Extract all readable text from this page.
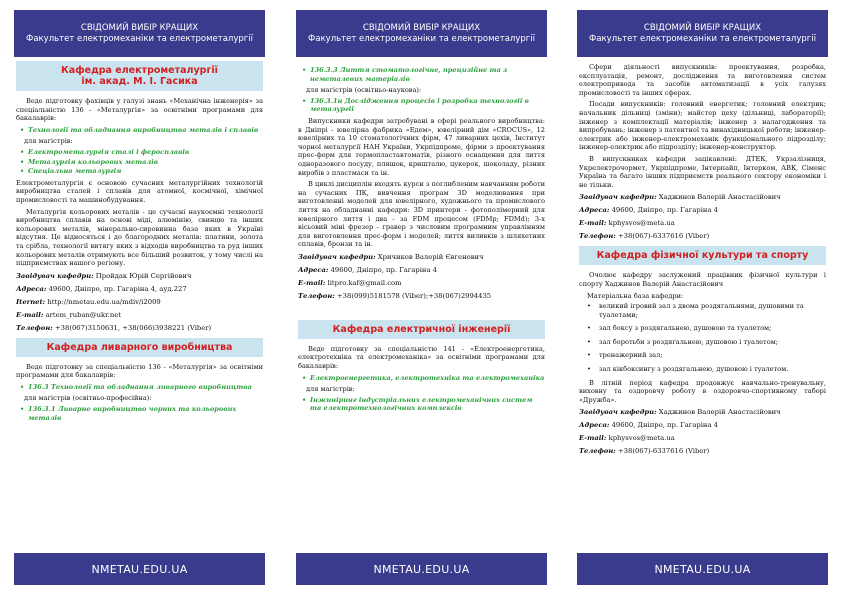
СВІДОМИЙ ВИБІР КРАЩИХ
Факультет електромеханіки та електрометалургії
Кафедра електрометалургії
ім. акад. М. І. Гасика

Веде підготовку фахівців у галузі знань «Механічна інженерія» за спеціальністю 136 - «Металургія» за освітніми програмами для бакалаврів:

• Технології та обладнання виробництва металів і сплавів
для магістрів:
• Електрометалургія сталі і феросплавів
• Металургія кольорових металів
• Спеціальна металургія

Електрометалургія є основою сучасних металургійних технологій виробництва сталей і сплавів для атомної, космічної, хімічної промисловості та машинобудування.

Металургія кольорових металів - це сучасні наукоємні технології виробництва сплавів на основі міді, алюмінію, свинцю та інших кольорових металів, мінерально-сировинна база яких в Україні відсутня. Це відносяться і до благородних металів: платини, золота та срібла, технології витягу яких з відходів виробництва та руд інших кольорових металів отримують все більший розвиток, у тому числі на підприємствах нашого регіону.

Завідувач кафедри: Пройдак Юрій Сергійович
Адреса: 49600, Дніпро, пр. Гагаріна 4, ауд.227
Iternet: http://nmetau.edu.ua/mdiv/i2009
E-mail: artem_ruban@ukr.net
Телефон: +38(067)3150631, +38(066)3938221 (Viber)
Кафедра ливарного виробництва

Веде підготовку за спеціальністю 136 - «Металургія» за освітніми програмами для бакалаврів:

• 136.3 Технології та обладнання ливарного виробництва
для магістрів (освітньо-професійна):
• 136.3.1 Ливарне виробництво чорних та кольорових металів
NMETAU.EDU.UA
СВІДОМИЙ ВИБІР КРАЩИХ
Факультет електромеханіки та електрометалургії
• 136.3.3 Лиття стоматологічне, прецизійне та з неметалевих матеріалів
для магістрів (освітньо-наукова):
• 136.3.1н Дослідження процесів і розробка технології в металургії

Випускники кафедри затребувані в сфері реального виробництва: в Дніпрі - ювелірна фабрика «Едем», ювелірний дім «CROCUS», 12 ювелірних та 10 стоматологічних фірм, 47 ливарних цехів, Інститут чорної металургії НАН України, Укрпідпроме, фірми з проектування прес-форм для термопластавтоматів, різного оснащення для лиття одноразового посуду, пляшок, кришталю, цукерок, шоколаду, різних виробів з пластмаси та ін.

В циклі дисциплін входять курси з поглибленим навчанням роботи на сучасних ПК, вивчення програм 3D моделювання при виготовленні моделей для ювелірного, художнього та промислового лиття на обладнанні кафедри: 3D принтери - фотополімерний для ювелірного лиття і два - за FDM процесом (FDMp; FDMd); 3-х вісьовий міні фрезер - гравер з числовим програмним управлінням для виготовлення прес-форм і моделей; лиття виливків з шляхетних сплавів, бронзи та ін.

Завідувач кафедри: Хричиков Валерій Євгенович
Адреса: 49600, Дніпро, пр. Гагаріна 4
E-mail: litpro.kaf@gmail.com
Телефон: +38(099)5181578 (Viber);+38(067)2994435
Кафедра електричної інженерії

Веде підготовку за спеціальністю 141 - «Електроенергетика, електротехніка та електромеханіка» за освітніми програмами для бакалаврів:

• Електроенергетика, електротехніка та електромеханіка
для магістрів:
• Інжиніринг індустріальних електромеханічних систем та електротехнологічних комплексів
NMETAU.EDU.UA
СВІДОМИЙ ВИБІР КРАЩИХ
Факультет електромеханіки та електрометалургії

Сфери діяльності випускників: проектування, розробка, експлуатація, ремонт, дослідження та виготовлення систем електропривода та засобів автоматизації в усіх галузях промисловості та інших сферах.

Посади випускників: головний енергетик; головний електрик; начальник дільниці (зміни); майстер цеху (дільниці, лабораторії); інженер з комплектації матеріалів; інженер з налагодження та випробувань; інженер з патентної та винахідницької роботи; інженер-електрик або інженер-електромеханік функціонального підрозділу; інженер-електрик або підрозділу; інженер-конструктор.

В випускниках кафедри зацікавлені: ДТЕК, Укрзалізниця, Укрелектрочормет, Укрпідпроме, Інтерпайп, Інтерком, АВК, Сіменс Україна та багато інших підприємств реального сектору економіки і не тільки.

Завідувач кафедри: Хаджинов Валерій Анастасійович
Адреса: 49600, Дніпро, пр. Гагаріна 4
E-mail: kphysvos@meta.ua
Телефон: +38(067)-6337616 (Viber)
Кафедра фізичної культури та спорту

Очолює кафедру заслужений працівник фізичної культури і спорту Хаджинов Валерій Анастасійович

Матеріальна база кафедри:
• великий ігровий зал з двома роздягальнями, душовими та туалетами;
• зал боксу з роздягальнею, душовою та туалетом;
• зал боротьби з роздягальнею, душовою і туалетом;
• тренажерний зал;
• зал кікбоксингу з роздягальнею, душовою і туалетом.

В літній період кафедра продовжує навчально-тренувальну, виховну та оздоровчу роботу в оздоровчо-спортивному таборі «Дружба».

Завідувач кафедри: Хаджинов Валерій Анастасійович
Адреса: 49600, Дніпро, пр. Гагаріна 4
E-mail: kphysvos@meta.ua
Телефон: +38(067)-6337616 (Viber)
NMETAU.EDU.UA
